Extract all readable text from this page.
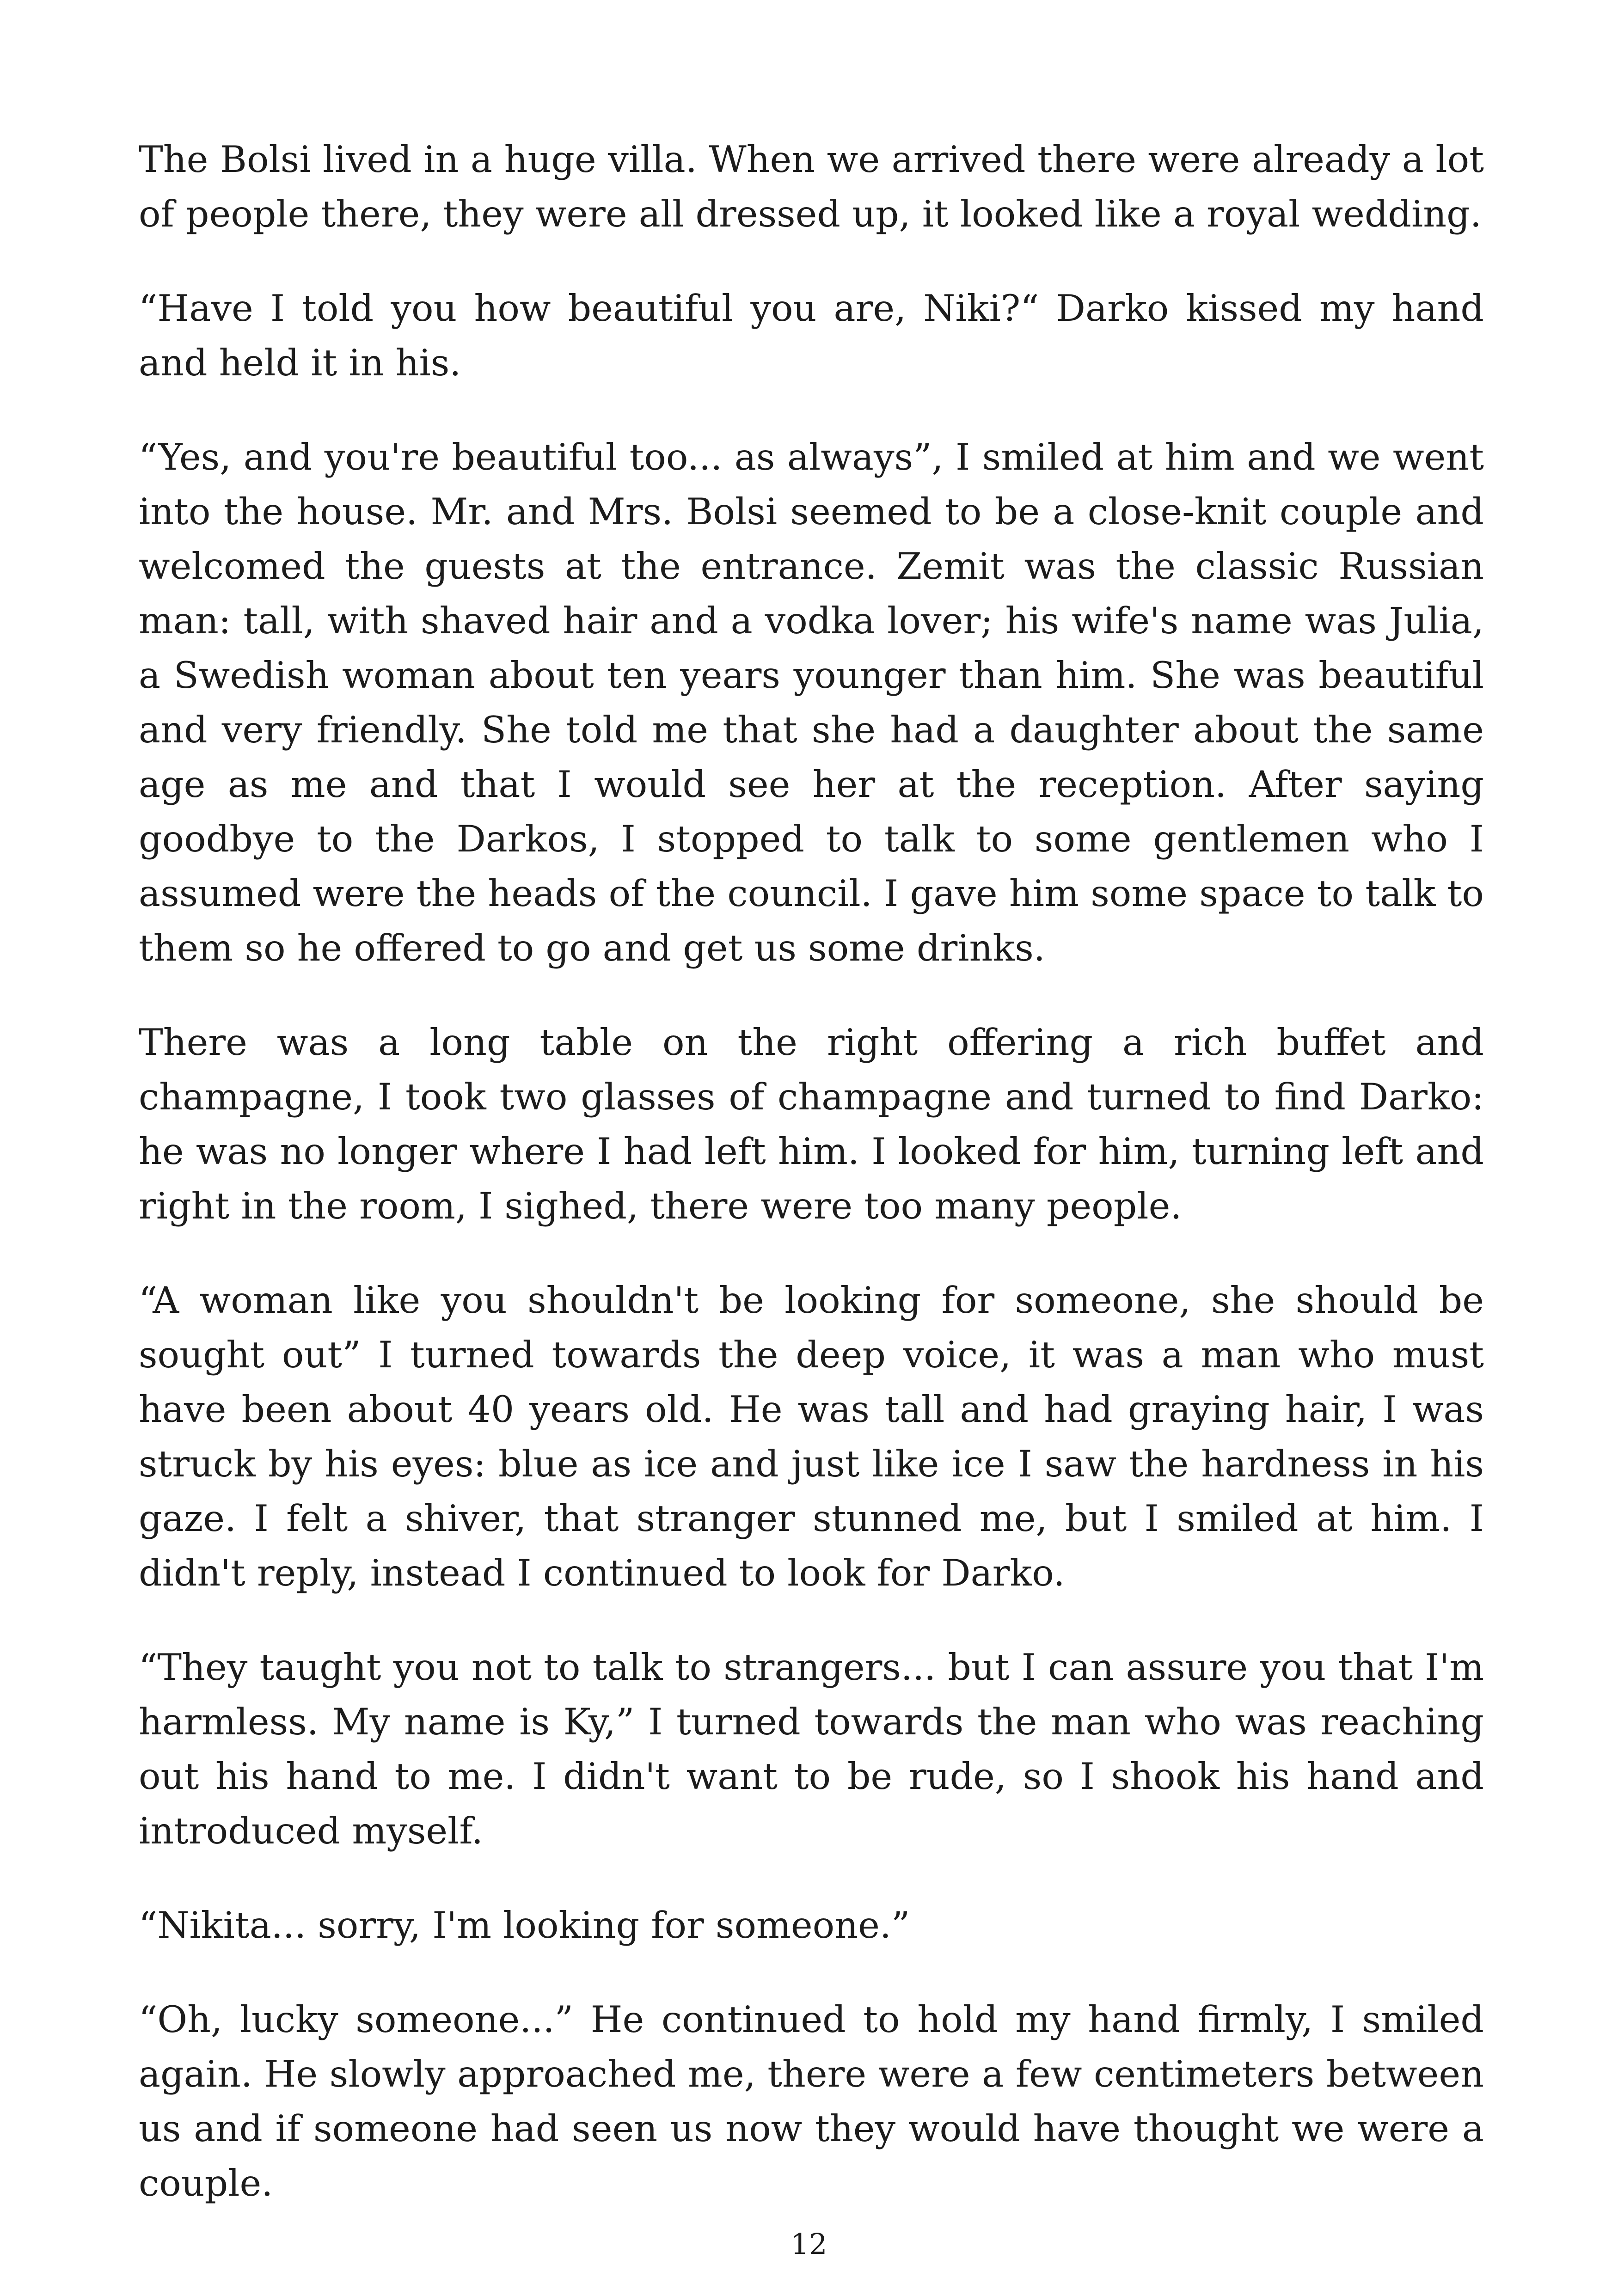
The Bolsi lived in a huge villa. When we arrived there were already a lot of people there, they were all dressed up, it looked like a royal wedding.

“Have I told you how beautiful you are, Niki?“ Darko kissed my hand and held it in his.

“Yes, and you're beautiful too... as always”, I smiled at him and we went into the house. Mr. and Mrs. Bolsi seemed to be a close-knit couple and welcomed the guests at the entrance. Zemit was the classic Russian man: tall, with shaved hair and a vodka lover; his wife's name was Julia, a Swedish woman about ten years younger than him. She was beautiful and very friendly. She told me that she had a daughter about the same age as me and that I would see her at the reception. After saying goodbye to the Darkos, I stopped to talk to some gentlemen who I assumed were the heads of the council. I gave him some space to talk to them so he offered to go and get us some drinks.

There was a long table on the right offering a rich buffet and champagne, I took two glasses of champagne and turned to find Darko: he was no longer where I had left him. I looked for him, turning left and right in the room, I sighed, there were too many people.

“A woman like you shouldn't be looking for someone, she should be sought out” I turned towards the deep voice, it was a man who must have been about 40 years old. He was tall and had graying hair, I was struck by his eyes: blue as ice and just like ice I saw the hardness in his gaze. I felt a shiver, that stranger stunned me, but I smiled at him. I didn't reply, instead I continued to look for Darko.

“They taught you not to talk to strangers... but I can assure you that I'm harmless. My name is Ky,” I turned towards the man who was reaching out his hand to me. I didn't want to be rude, so I shook his hand and introduced myself.

“Nikita... sorry, I'm looking for someone.”

“Oh, lucky someone...” He continued to hold my hand firmly, I smiled again. He slowly approached me, there were a few centimeters between us and if someone had seen us now they would have thought we were a couple.

12
